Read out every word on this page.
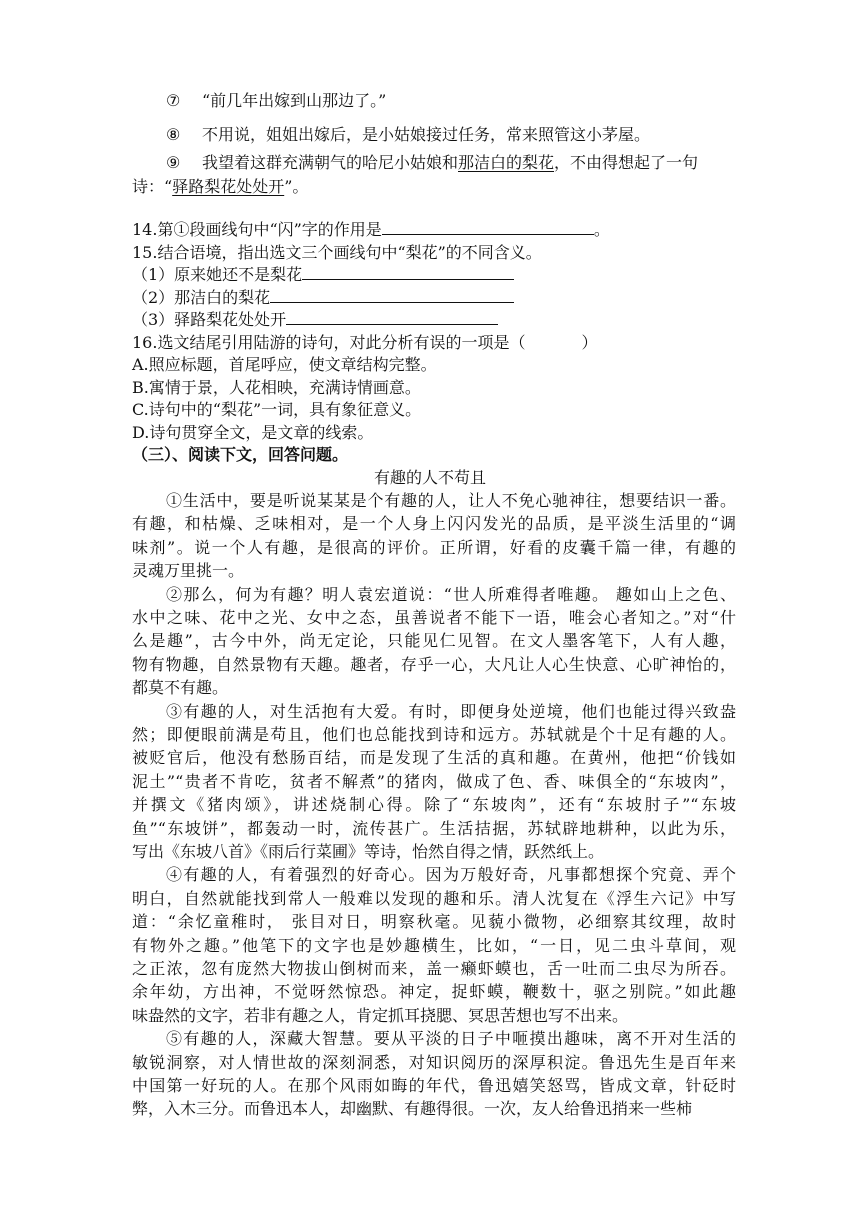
⑦ “前几年出嫁到山那边了。”
⑧ 不用说，姐姐出嫁后，是小姑娘接过任务，常来照管这小茅屋。
⑨ 我望着这群充满朝气的哈尼小姑娘和那洁白的梨花，不由得想起了一句
诗：“驿路梨花处处开”。
14.第①段画线句中“闪”字的作用是	。
15.结合语境，指出选文三个画线句中“梨花”的不同含义。
（1）原来她还不是梨花
（2）那洁白的梨花
（3）驿路梨花处处开
16.选文结尾引用陆游的诗句，对此分析有误的一项是（	）
A.照应标题，首尾呼应，使文章结构完整。
B.寓情于景，人花相映，充满诗情画意。
C.诗句中的“梨花”一词，具有象征意义。
D.诗句贯穿全文，是文章的线索。
（三）、阅读下文，回答问题。
有趣的人不苟且
①生活中，要是听说某某是个有趣的人，让人不免心驰神往，想要结识一番。
有趣，和枯燥、乏味相对，是一个人身上闪闪发光的品质，是平淡生活里的“调
味剂”。说一个人有趣，是很高的评价。正所谓，好看的皮囊千篇一律，有趣的
灵魂万里挑一。
②那么，何为有趣？明人袁宏道说：“世人所难得者唯趣。 趣如山上之色、
水中之味、花中之光、女中之态，虽善说者不能下一语，唯会心者知之。”对“什
么是趣”，古今中外，尚无定论，只能见仁见智。在文人墨客笔下，人有人趣，
物有物趣，自然景物有天趣。趣者，存乎一心，大凡让人心生快意、心旷神怡的，
都莫不有趣。
③有趣的人，对生活抱有大爱。有时，即便身处逆境，他们也能过得兴致盎
然；即便眼前满是苟且，他们也总能找到诗和远方。苏轼就是个十足有趣的人。
被贬官后，他没有愁肠百结，而是发现了生活的真和趣。在黄州，他把“价钱如
泥土”“贵者不肯吃，贫者不解煮”的猪肉，做成了色、香、味俱全的“东坡肉”，
并撰文《猪肉颂》，讲述烧制心得。除了“东坡肉”，还有“东坡肘子”“东坡
鱼”“东坡饼”，都轰动一时，流传甚广。生活拮据，苏轼辟地耕种，以此为乐，
写出《东坡八首》《雨后行菜圃》等诗，怡然自得之情，跃然纸上。
④有趣的人，有着强烈的好奇心。因为万般好奇，凡事都想探个究竟、弄个
明白，自然就能找到常人一般难以发现的趣和乐。清人沈复在《浮生六记》中写
道：“余忆童稚时， 张目对日，明察秋毫。见藐小微物，必细察其纹理，故时
有物外之趣。”他笔下的文字也是妙趣横生，比如，“一日，见二虫斗草间，观
之正浓，忽有庞然大物拔山倒树而来，盖一癞虾蟆也，舌一吐而二虫尽为所吞。
余年幼，方出神，不觉呀然惊恐。神定，捉虾蟆，鞭数十，驱之别院。”如此趣
味盎然的文字，若非有趣之人，肯定抓耳挠腮、冥思苦想也写不出来。
⑤有趣的人，深藏大智慧。要从平淡的日子中咂摸出趣味，离不开对生活的
敏锐洞察，对人情世故的深刻洞悉，对知识阅历的深厚积淀。鲁迅先生是百年来
中国第一好玩的人。在那个风雨如晦的年代，鲁迅嬉笑怒骂，皆成文章，针砭时
弊，入木三分。而鲁迅本人，却幽默、有趣得很。一次，友人给鲁迅捎来一些柿
